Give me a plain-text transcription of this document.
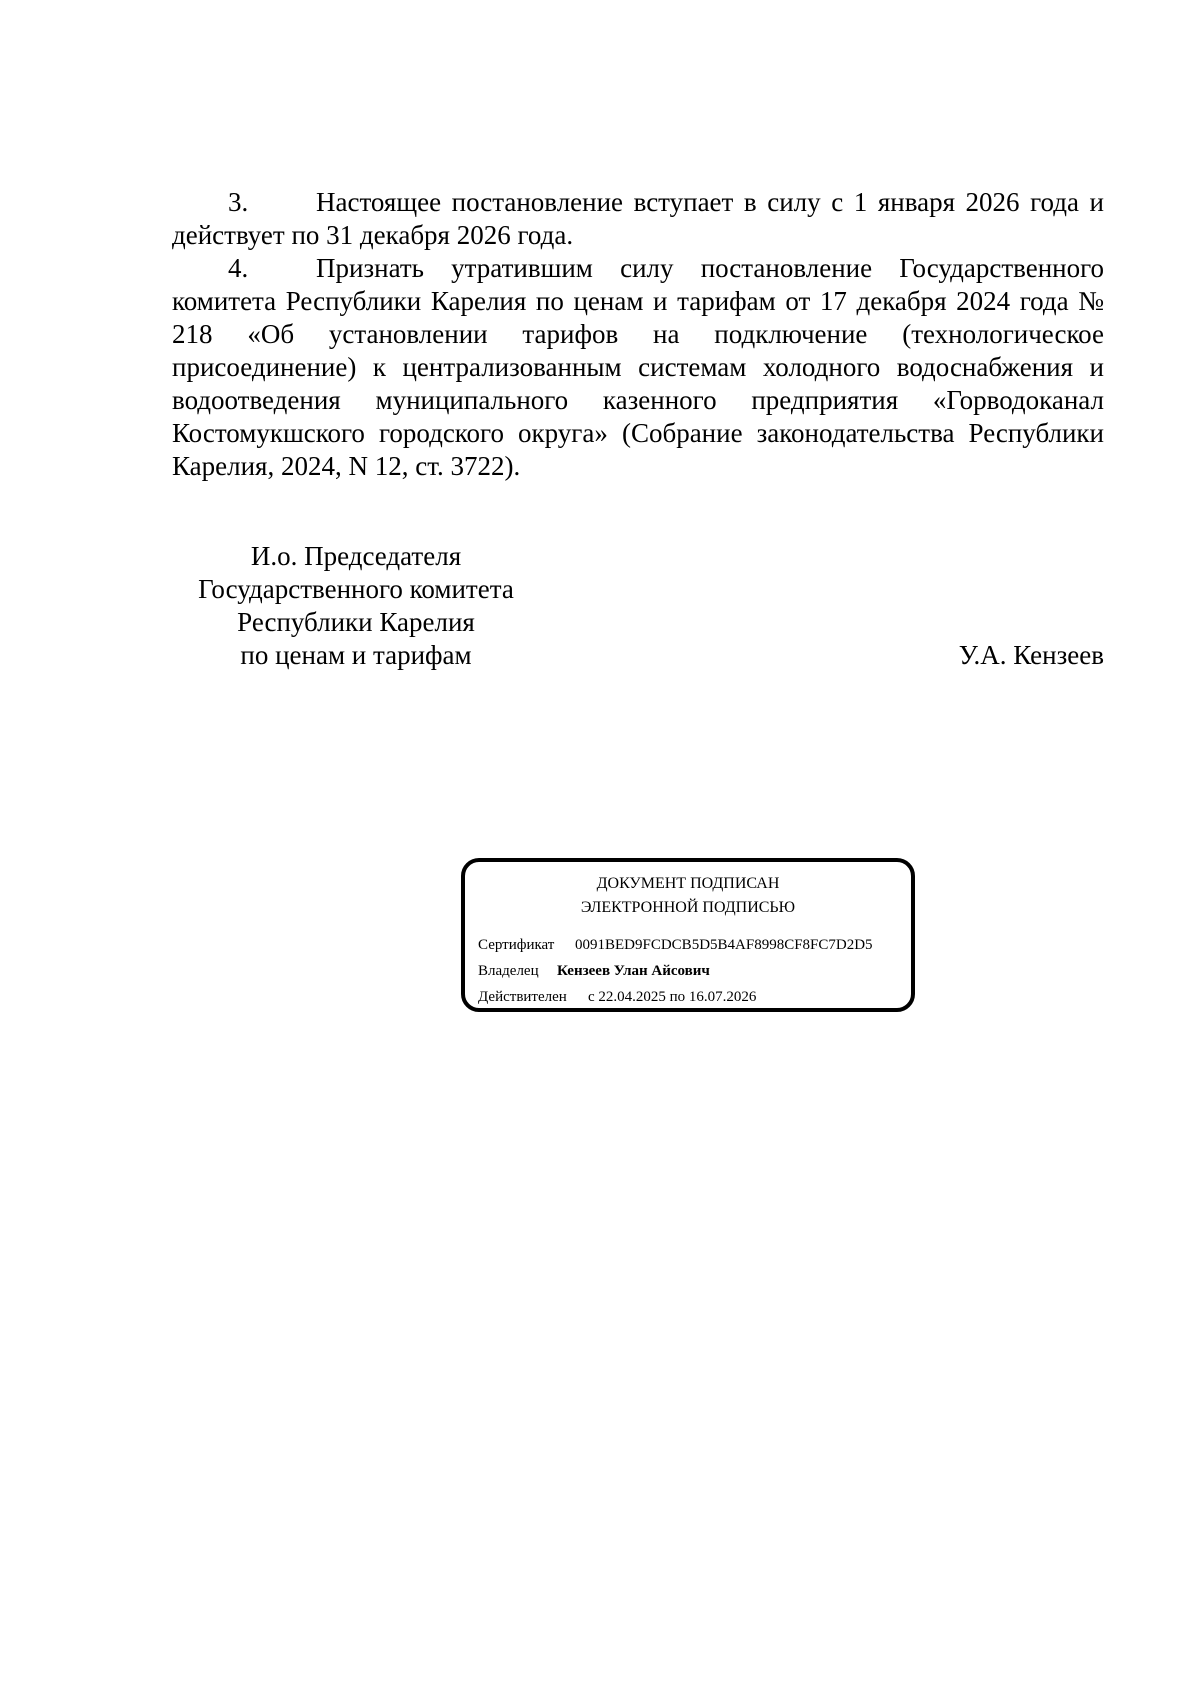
3.	Настоящее постановление вступает в силу с 1 января 2026 года и действует по 31 декабря 2026 года.

4.	Признать утратившим силу постановление Государственного комитета Республики Карелия по ценам и тарифам от 17 декабря 2024 года № 218 «Об установлении тарифов на подключение (технологическое присоединение) к централизованным системам холодного водоснабжения и водоотведения муниципального казенного предприятия «Горводоканал Костомукшского городского округа» (Собрание законодательства Республики Карелия, 2024, N 12, ст. 3722).

И.о. Председателя
Государственного комитета
Республики Карелия
по ценам и тарифам	У.А. Кензеев
ДОКУМЕНТ ПОДПИСАН
ЭЛЕКТРОННОЙ ПОДПИСЬЮ
Сертификат 0091BED9FCDCB5D5B4AF8998CF8FC7D2D5
Владелец Кензеев Улан Айсович
Действителен с 22.04.2025 по 16.07.2026
